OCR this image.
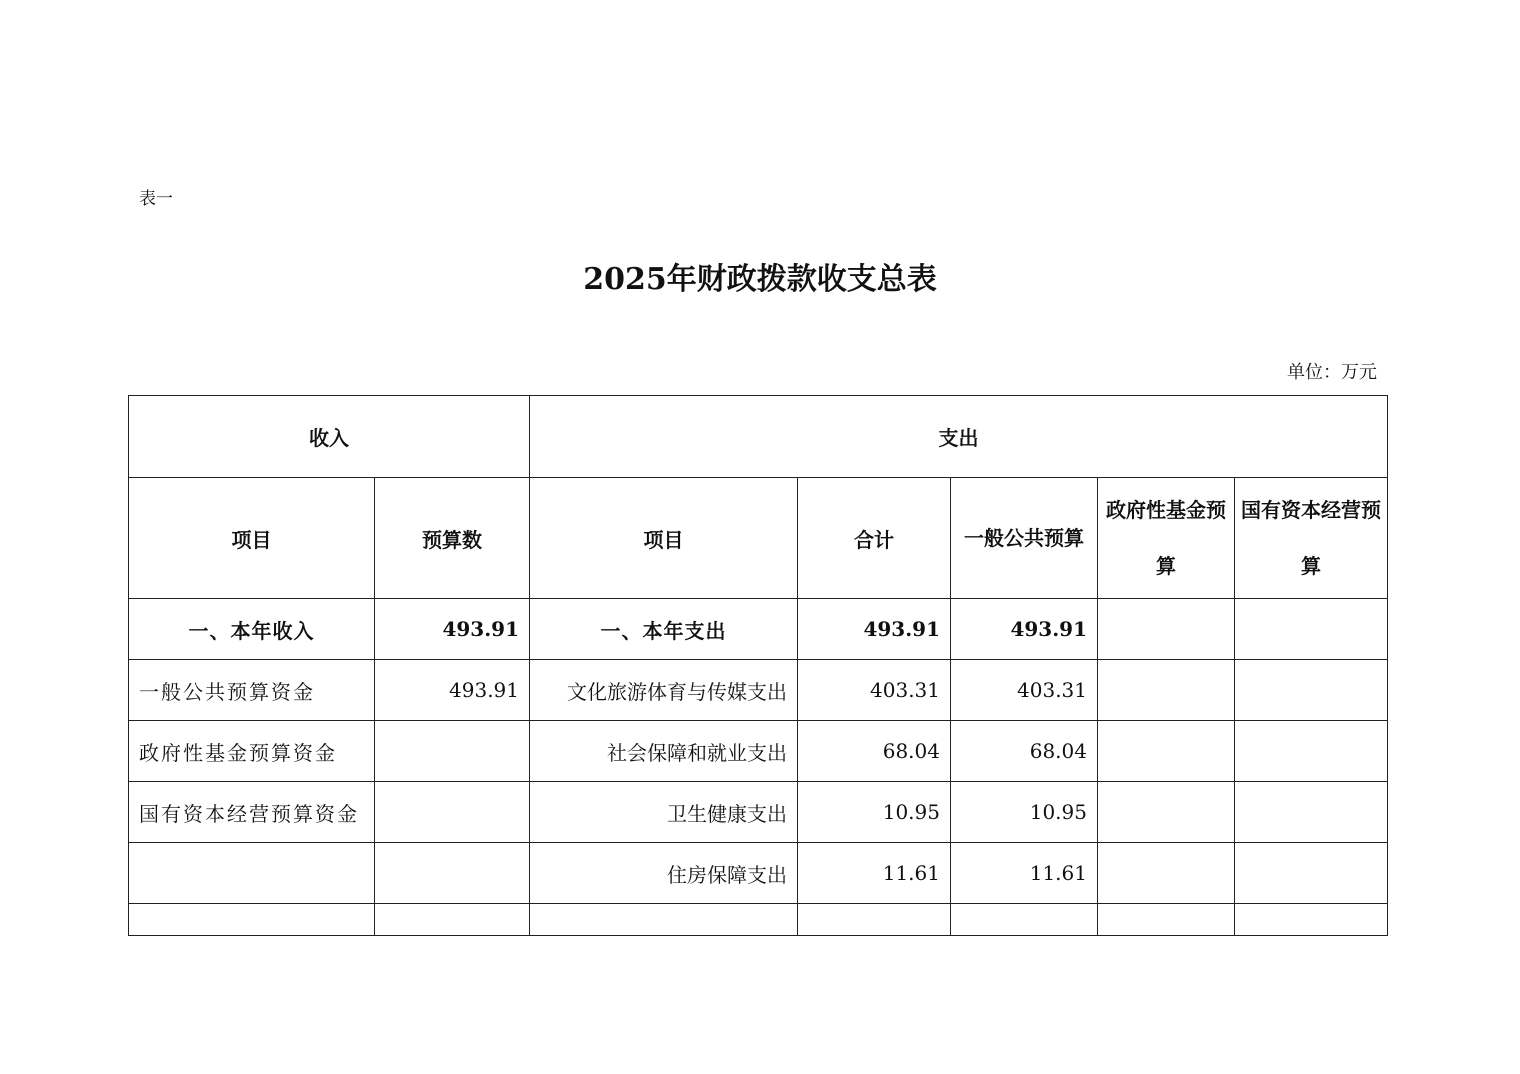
表一
2025年财政拨款收支总表
单位：万元
收入		支出				
项目	预算数	项目	合计	一般公共预算	政府性基金预算	国有资本经营预算
一、本年收入	493.91	一、本年支出	493.91	493.91		
一般公共预算资金	493.91	文化旅游体育与传媒支出	403.31	403.31		
政府性基金预算资金		社会保障和就业支出	68.04	68.04		
国有资本经营预算资金		卫生健康支出	10.95	10.95		
		住房保障支出	11.61	11.61		
